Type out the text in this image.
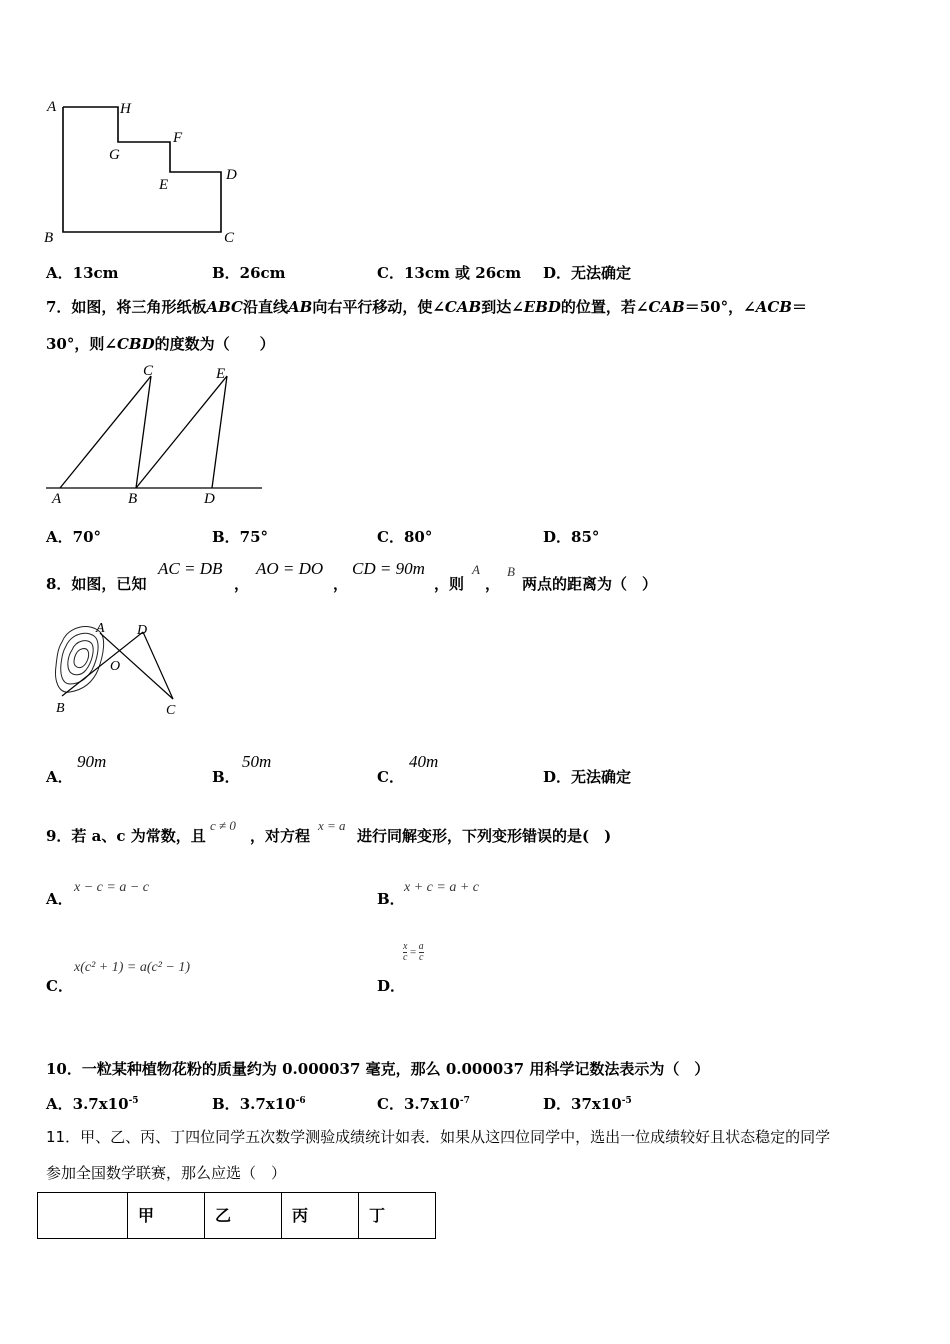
A	H
G
F
E
D
B	C
A．13cm	B．26cm	C．13cm 或 26cm D．无法确定
7．如图，将三角形纸板ABC沿直线AB向右平行移动，使∠CAB到达∠EBD的位置，若∠CAB＝50°，∠ACB＝
30°，则∠CBD的度数为（　　）
C	E
A	B	D
A．70°	B．75°	C．80°	D．85°
8．如图，已知
AC = DB
，
AO = DO
，
CD = 90m
，则
A
，
B
两点的距离为（　）
A D
O
B	C
A．
90m
B．
50m
C．
40m
D．无法确定
9．若 a、c 为常数，且
c ≠ 0
，对方程
x = a
进行同解变形，下列变形错误的是(　)
A．
x − c = a − c
B．
x + c = a + c
C．
x(c² + 1) = a(c² − 1)
D．
$\frac{x}{c} = \frac{a}{c}$
10．一粒某种植物花粉的质量约为 0.000037 毫克，那么 0.000037 用科学记数法表示为（　）
A．$3.7x10^{-5}$	B．$3.7x10^{-6}$	C．$3.7x10^{-7}$	D．$37x10^{-5}$
11．甲、乙、丙、丁四位同学五次数学测验成绩统计如表．如果从这四位同学中，选出一位成绩较好且状态稳定的同学
参加全国数学联赛，那么应选（　）
	甲	乙	丙	丁
